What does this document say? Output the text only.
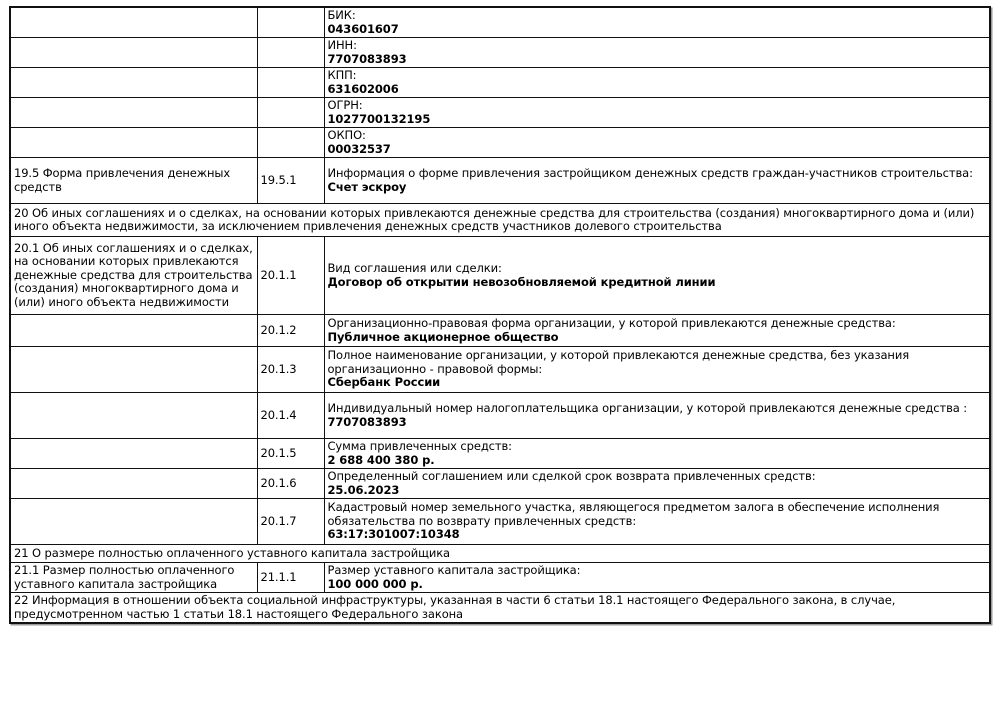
		БИК:
043601607

		ИНН:
7707083893

		КПП:
631602006

		ОГРН:
1027700132195

		ОКПО:
00032537

19.5 Форма привлечения денежных средств	19.5.1	Информация о форме привлечения застройщиком денежных средств граждан-участников строительства:
Счет эскроу

20 Об иных соглашениях и о сделках, на основании которых привлекаются денежные средства для строительства (создания) многоквартирного дома и (или) иного объекта недвижимости, за исключением привлечения денежных средств участников долевого строительства		
20.1 Об иных соглашениях и о сделках, на основании которых привлекаются денежные средства для строительства (создания) многоквартирного дома и (или) иного объекта недвижимости	20.1.1	Вид соглашения или сделки:
Договор об открытии невозобновляемой кредитной линии

	20.1.2	Организационно-правовая форма организации, у которой привлекаются денежные средства:
Публичное акционерное общество

	20.1.3	Полное наименование организации, у которой привлекаются денежные средства, без указания организационно - правовой формы:
Сбербанк России

	20.1.4	Индивидуальный номер налогоплательщика организации, у которой привлекаются денежные средства :
7707083893

	20.1.5	Сумма привлеченных средств:
2 688 400 380 р.

	20.1.6	Определенный соглашением или сделкой срок возврата привлеченных средств:
25.06.2023

	20.1.7	Кадастровый номер земельного участка, являющегося предметом залога в обеспечение исполнения обязательства по возврату привлеченных средств:
63:17:301007:10348

21 О размере полностью оплаченного уставного капитала застройщика		
21.1 Размер полностью оплаченного уставного капитала застройщика	21.1.1	Размер уставного капитала застройщика:
100 000 000 р.

22 Информация в отношении объекта социальной инфраструктуры, указанная в части 6 статьи 18.1 настоящего Федерального закона, в случае, предусмотренном частью 1 статьи 18.1 настоящего Федерального закона		
